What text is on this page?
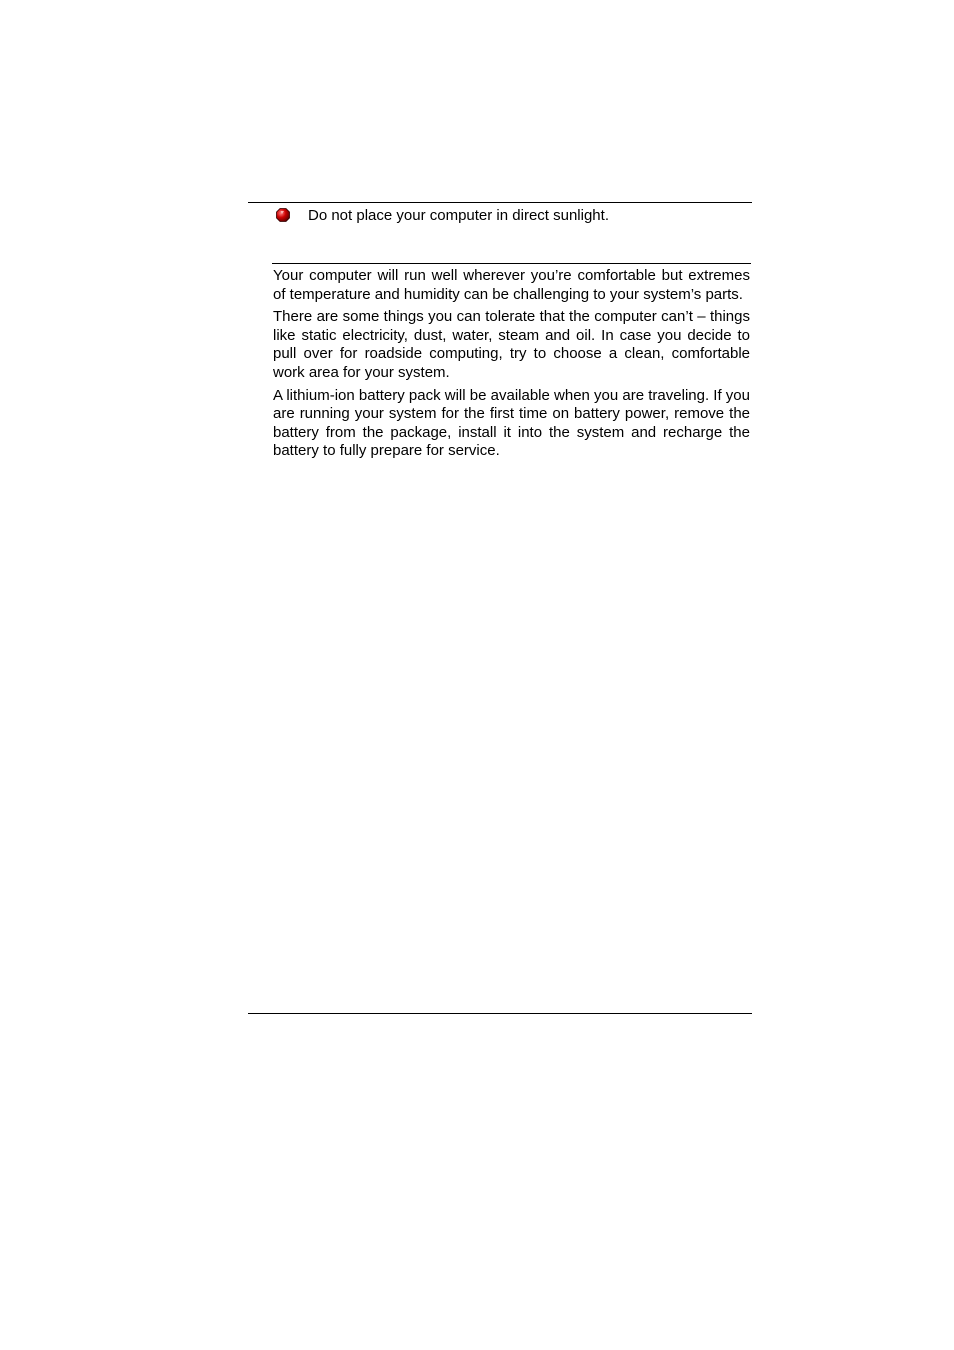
Do not place your computer in direct sunlight.

Your computer will run well wherever you’re comfortable but extremes of temperature and humidity can be challenging to your system’s parts.

There are some things you can tolerate that the computer can’t – things like static electricity, dust, water, steam and oil. In case you decide to pull over for roadside computing, try to choose a clean, comfortable work area for your system.

A lithium-ion battery pack will be available when you are traveling. If you are running your system for the first time on battery power, remove the battery from the package, install it into the system and recharge the battery to fully prepare for service.
